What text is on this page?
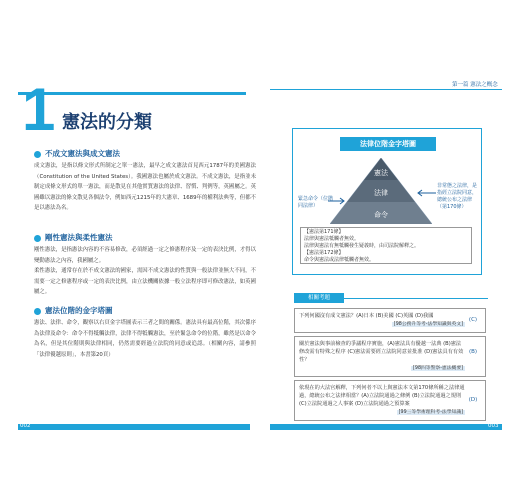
第一篇 憲法之概念
1 憲法的分類
不成文憲法與成文憲法
成文憲法，是指以條文形式所制定之單一憲法，最早之成文憲法首見西元1787年的美國憲法（Constitution of the United States）。我國憲法也屬於成文憲法。不成文憲法，是指並未制定成條文形式的單一憲法，而是散見在其他實質憲法的法律、習慣、判例等，英國屬之。英國雖以憲法的條文散見各個法令，例如西元1215年的大憲章、1689年的權利法典等，但都不是以憲法為名。
剛性憲法與柔性憲法
剛性憲法，是指憲法內容的不容易修改，必須經過一定之修憲程序及一定的表決比例，才得以變動憲法之內容，我國屬之。
柔性憲法，通常存在於不成文憲法的國家，需因不成文憲法的性質與一般法律並無大不同，不需要一定之修憲程序或一定的表決比例，由立法機關依據一般立法程序即可修改憲法，如英國屬之。
憲法位階的金字塔圖
憲法、法律、命令，觀察以右頁金字塔圖表示三者之間的關係。憲法具有最高位階，其次係序為法律及命令：命令不得牴觸法律，法律不得牴觸憲法，至於緊急命令的位階，雖然是以命令為名，但是其位階則與法律相同，仍然需要經過立法院的同意或追認。（相關內容，請參照「法律優越原則」，本書第20頁）
法律位階金字塔圖
憲法
法律
命令
緊急命令（位階同法律）
非常態之法律，是指經立法院同意，總統公布之法律（第170條）
【憲法第171條】
法律與憲法牴觸者無效。
法律與憲法有無牴觸發生疑義時，由司法院解釋之。
【憲法第172條】
命令與憲法或法律牴觸者無效。
相關考題
下列何國沒有成文憲法？(A)日本 (B)美國 (C)英國 (D)我國
[98公務升等考-法學知識與英文]
(C)
關於憲法與事前檢查的爭議程序實施，(A)憲法具有優越一法典 (B)憲法修改需有特殊之程序 (C)憲法需要經立法院同意並批准 (D)憲法具有有效性？
[98四等警察-憲法概要]
(B)
依現在的大法官解釋，下列何者不以上與憲法本文第170條所稱之法律通過，總統公布之法律相當？(A)立法院通過之條例 (B)立法院通過之規則 (C)立法院通過之人事案 (D)立法院通過之預算案
[99三等學術理科考-法學知識]
(D)
002	003
